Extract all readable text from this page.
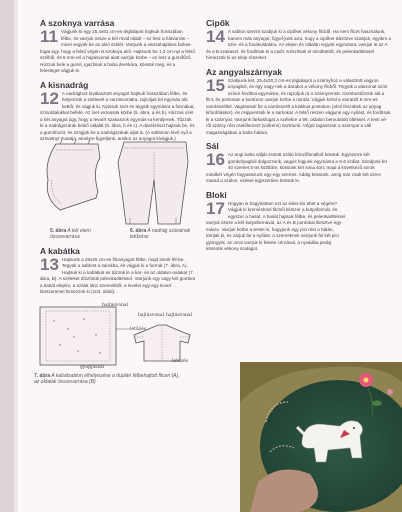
A szoknya varrása
11 Vágjunk ki egy 25,4x61 cm-es téglalapot hajtsuk hosszában félbe, és varrjuk össze a két rövid oldalt – ez lesz a hátvarrás – mivel vegyük be az alsó szélét. Varrjunk a visszahajtásra farkas-fogat egy, hogy a felső végén is szoknya alól. Hajtsunk be 1,3 cm-nyi a felső szélből, és 6 mm-rel a hajtásvonal alatt varrjuk körbe – ez lesz a gumifűző. Húzzuk bele a gumit, igazítsuk a baba derekára, kössük meg, és a felesleget vágjuk le.
A kisnadrág
12 A nadrághoz kiválasztott anyagot hajtsuk hosszában félbe, és helyezzük a szélesét a varrásvonalra, rajzoljuk fel egymás alá kettőt, és vágjuk ki. Nyissuk szét és tegyük egymásra a formákat, színoldalukkal befelé. Az ívet vezessük körbe (5. ábra, a és b). Húzzuk szét a két anyagot úgy, hogy a levarrt szakaszok egymás-ra kerüljenek. Tűzzük le a nadrágszárak belső oldalát (6. ábra, b és c). A derékrészt hajtsuk be, és a gumihúzót, és szögjük be a nadrágszárak aljat is. (A sablonon lévő nyíl a szövetnyt mutatja, amelyre figyeljünk, amikor az anyagot kivágjuk.)
5. ábra A két elem összevarrása
6. ábra A nadrág szárainak letűzése
A kabátka
13 Hajtsunk a 26x26 cm-es filcanyagot félbe, majd ismét fél-be. Tegyük a sablont a sarokba, és vágjuk ki a formát (7. ábra, A). Hajtsuk ki a kabátkát és tűzzük le a kar- és az oldalvo-nalakat (7. ábra, B). A széleket díszítsük pelenkaöltéssel. Varrjunk egy vagy két gombot a kabát elejére, a szálat lánc szemekből, a levelet egy-egy levart lánszemmel himezzük ki (103. oldal).
hajtásvonal
hajtásvonal hajtásvonal
gyapjúszál
letűzés
letűzés
7. ábra A kabátsablon elhelyezése a duplán félbehajtott filcen (A), az oldalak összevarrása (B)
Cipők
14 A sablon szerint szabjuk ki a cipőket vékony filcből. Ha nem filcet használunk, hanem más anyagot, figyel-jünk arra, hogy a cipőket tükrözve szabjuk, egyikre a szin- és a fonákoldalára. Az elejen és oldalán tegyük egymásra, varrjuk le az A és a B szakaszt, és fordítsuk ki a cipőt. Készítsük el mindkettőt, és pelenkaöltéssel hímezzük ki az eleje részeket.
Az angyalszárnyak
15 Szabjunk két, 25,4x20,3 cm-es téglalapot a szárnyhoz a választott vagyon anyagból, és egy vagy-nek a darabot a vékony filcből. Tegyük a vászonat színt színre fordítva egymásra, és rajzoljuk rá a szárnyrentát. Gombostűzzük alá a filct, és pontosan a kontúron varrjuk körbe a mintát. Vágjuk körül a varrattól 6 mm-es varrásszéllel. Vagdossuk be a varrásszélt a kiskkus pontokon (ahol feszültek az anyag kifordításkor), és csippentsük le a sarkokat. A felső részen vágjunk egy nyílást, és fordítsuk ki a szárnyat. Varrjunk farkasfogat a szélekre a 99. oldalon bemutatott öltéssel. A lenti vé-ről szárny rést cselőlemezt (vollrenn) tisztítunk. Végül ragasszuk a szárnyat a váll magasságában a baba hátára.
Sál
16 Az angi baba sálját zsotott szálú hímzőfonalból kössük. Egyszerre két gombolyagból dolgozzunk, vagyis fogjunk egymásra a 6-6 szálat. Szedjünk fel 40 szemet 5-ös kötőtűre, kössünk két sima sort, majd a következő sorok mindkét végén fogyasszunk egy-egy szemet. Addig kössünk, amíg már csak két szem marad a szálon, ezeket egyszerűen kössük le.
Bloki
17 Hogyan is hagyhattam ezt az édes kis ebet a végére? Vágjuk ki kreméshnel filcből kétszer a kutyaformát, és egyszer a hasat. A hasát hajtsuk félbe, és pelenkaöltéssel varrjuk össze a két kutyaformával, az A és B pontokat illesztve egy-másra. Varrjuk körbe a testet is, hagyjunk egy pici rést a hátán, tömjük ki, és zárjuk be a nyílást. A szemeknek varrjunk fel két pici gyöngyöt, az orrot varrjuk ki fekete cérnával, a nyakába pedig kössünk vékony szalagot.
